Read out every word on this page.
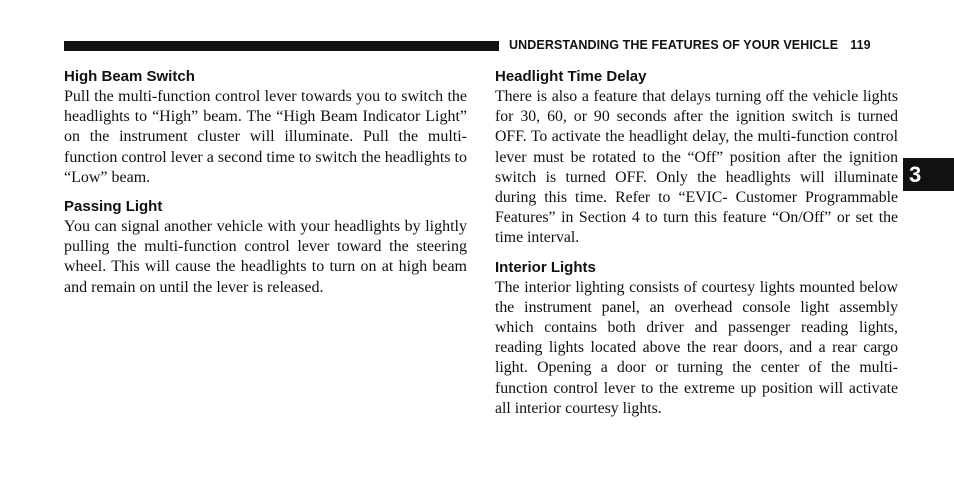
UNDERSTANDING THE FEATURES OF YOUR VEHICLE 119
High Beam Switch

Pull the multi-function control lever towards you to switch the headlights to “High” beam. The “High Beam Indicator Light” on the instrument cluster will illuminate. Pull the multi-function control lever a second time to switch the headlights to “Low” beam.

Passing Light

You can signal another vehicle with your headlights by lightly pulling the multi-function control lever toward the steering wheel. This will cause the headlights to turn on at high beam and remain on until the lever is released.

Headlight Time Delay

There is also a feature that delays turning off the vehicle lights for 30, 60, or 90 seconds after the ignition switch is turned OFF. To activate the headlight delay, the multi-function control lever must be rotated to the “Off” position after the ignition switch is turned OFF. Only the headlights will illuminate during this time. Refer to “EVIC- Customer Programmable Features” in Section 4 to turn this feature “On/Off” or set the time interval.

Interior Lights

The interior lighting consists of courtesy lights mounted below the instrument panel, an overhead console light assembly which contains both driver and passenger reading lights, reading lights located above the rear doors, and a rear cargo light. Opening a door or turning the center of the multi-function control lever to the extreme up position will activate all interior courtesy lights.

3
